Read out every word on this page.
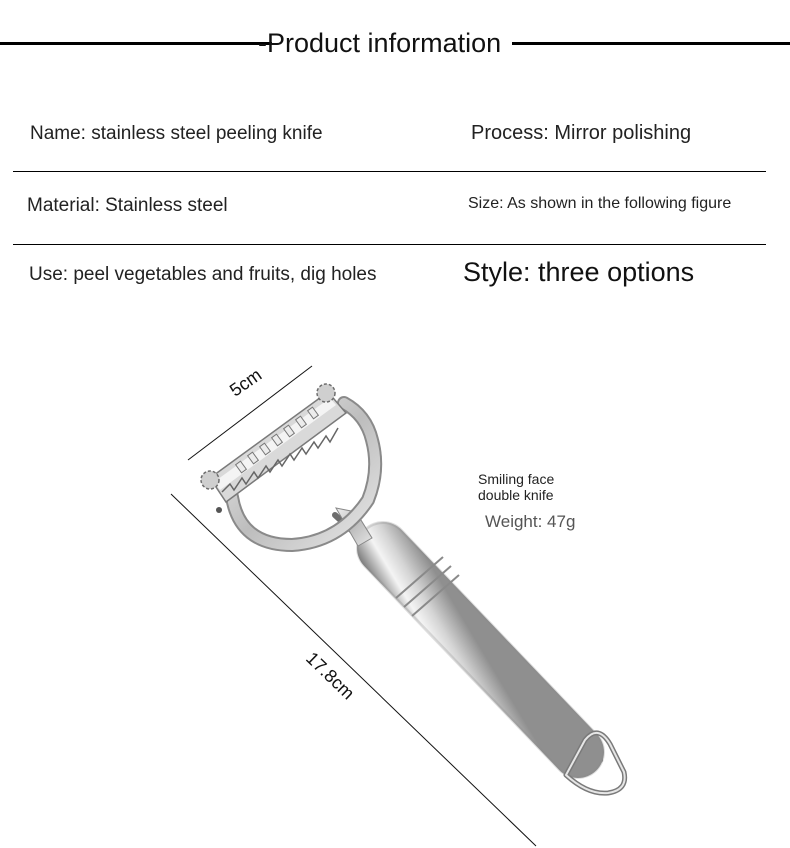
-Product information
Name: stainless steel peeling knife	Process: Mirror polishing
Material: Stainless steel	Size: As shown in the following figure
Use: peel vegetables and fruits, dig holes	Style: three options
5cm
17.8cm
Smiling face
double knife
Weight: 47g
